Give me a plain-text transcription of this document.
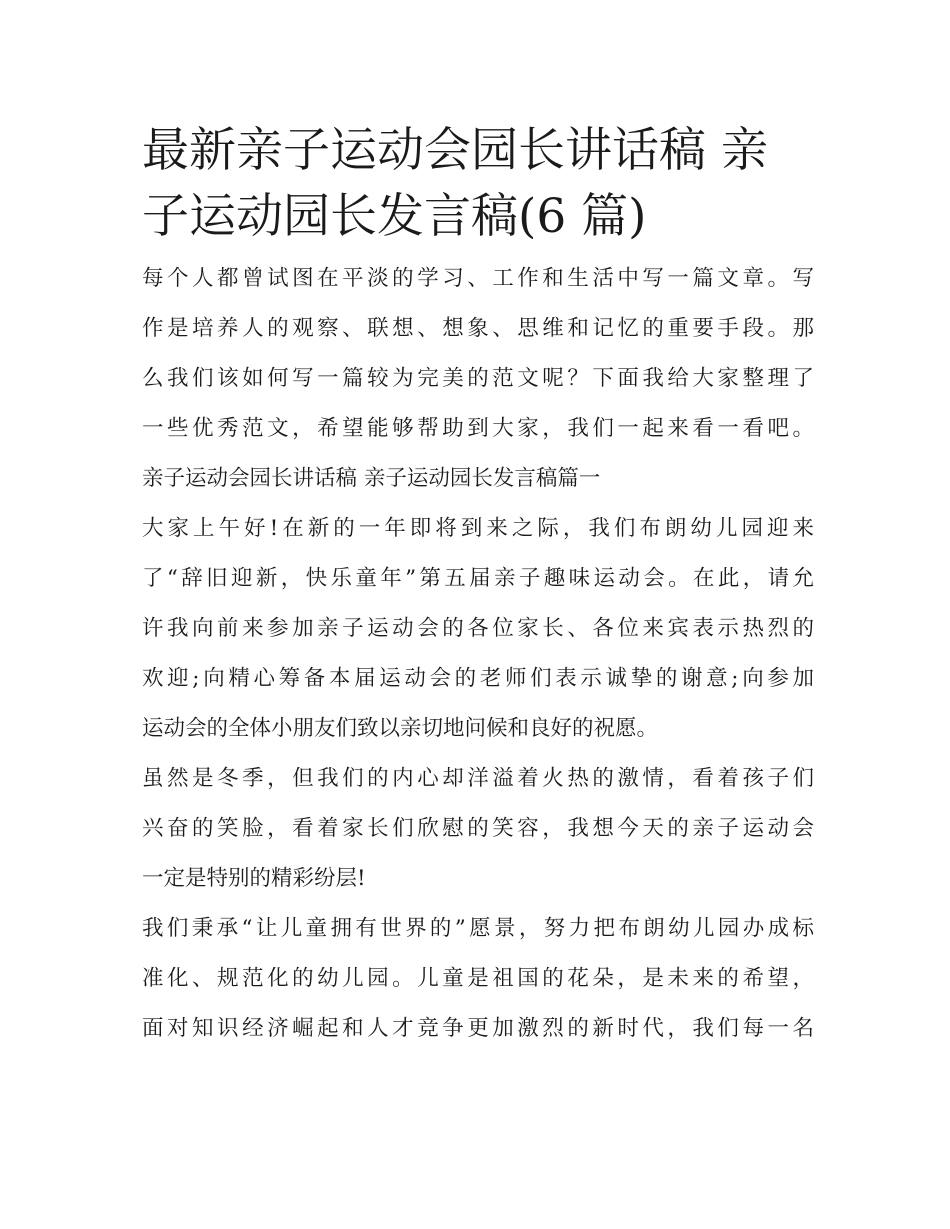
最新亲子运动会园长讲话稿 亲
子运动园长发言稿(6 篇)

每个人都曾试图在平淡的学习、工作和生活中写一篇文章。写
作是培养人的观察、联想、想象、思维和记忆的重要手段。那
么我们该如何写一篇较为完美的范文呢？下面我给大家整理了
一些优秀范文，希望能够帮助到大家，我们一起来看一看吧。

亲子运动会园长讲话稿 亲子运动园长发言稿篇一

大家上午好!在新的一年即将到来之际，我们布朗幼儿园迎来
了“辞旧迎新，快乐童年”第五届亲子趣味运动会。在此，请允
许我向前来参加亲子运动会的各位家长、各位来宾表示热烈的
欢迎;向精心筹备本届运动会的老师们表示诚挚的谢意;向参加
运动会的全体小朋友们致以亲切地问候和良好的祝愿。

虽然是冬季，但我们的内心却洋溢着火热的激情，看着孩子们
兴奋的笑脸，看着家长们欣慰的笑容，我想今天的亲子运动会
一定是特别的精彩纷层!

我们秉承“让儿童拥有世界的”愿景，努力把布朗幼儿园办成标
准化、规范化的幼儿园。儿童是祖国的花朵，是未来的希望，
面对知识经济崛起和人才竞争更加激烈的新时代，我们每一名
